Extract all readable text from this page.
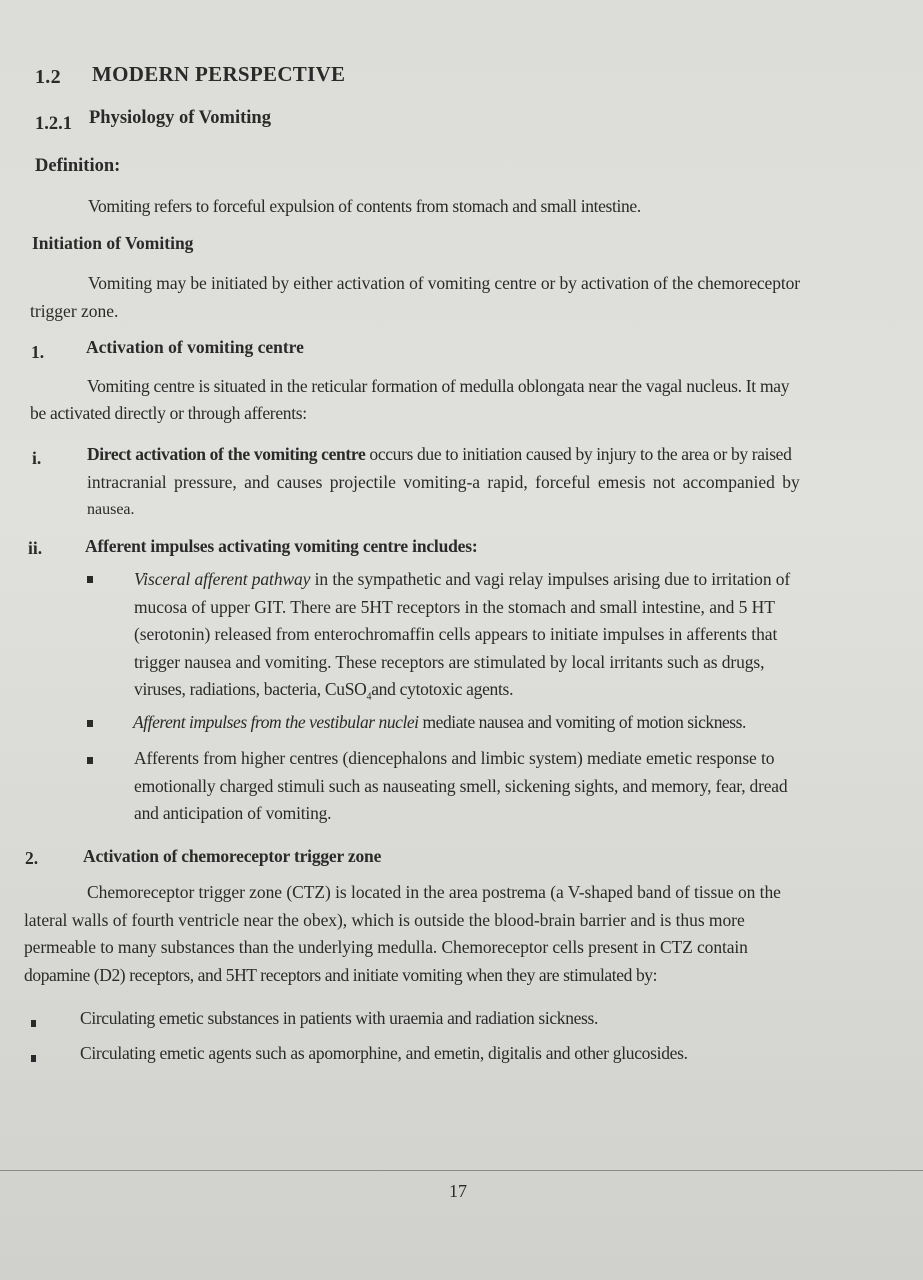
1.2 MODERN PERSPECTIVE
1.2.1 Physiology of Vomiting
Definition:
Vomiting refers to forceful expulsion of contents from stomach and small intestine.
Initiation of Vomiting
Vomiting may be initiated by either activation of vomiting centre or by activation of the chemoreceptor
trigger zone.
1. Activation of vomiting centre
Vomiting centre is situated in the reticular formation of medulla oblongata near the vagal nucleus. It may
be activated directly or through afferents:
i.	Direct activation of the vomiting centre occurs due to initiation caused by injury to the area or by raised
intracranial pressure, and causes projectile vomiting-a rapid, forceful emesis not accompanied by
nausea.
ii. Afferent impulses activating vomiting centre includes:
Visceral afferent pathway in the sympathetic and vagi relay impulses arising due to irritation of
mucosa of upper GIT. There are 5HT receptors in the stomach and small intestine, and 5 HT
(serotonin) released from enterochromaffin cells appears to initiate impulses in afferents that
trigger nausea and vomiting. These receptors are stimulated by local irritants such as drugs,
viruses, radiations, bacteria, CuSO$_4$and cytotoxic agents.
Afferent impulses from the vestibular nuclei mediate nausea and vomiting of motion sickness.
Afferents from higher centres (diencephalons and limbic system) mediate emetic response to
emotionally charged stimuli such as nauseating smell, sickening sights, and memory, fear, dread
and anticipation of vomiting.
2.	Activation of chemoreceptor trigger zone
Chemoreceptor trigger zone (CTZ) is located in the area postrema (a V-shaped band of tissue on the
lateral walls of fourth ventricle near the obex), which is outside the blood-brain barrier and is thus more
permeable to many substances than the underlying medulla. Chemoreceptor cells present in CTZ contain
dopamine (D2) receptors, and 5HT receptors and initiate vomiting when they are stimulated by:
Circulating emetic substances in patients with uraemia and radiation sickness.
Circulating emetic agents such as apomorphine, and emetin, digitalis and other glucosides.
17
